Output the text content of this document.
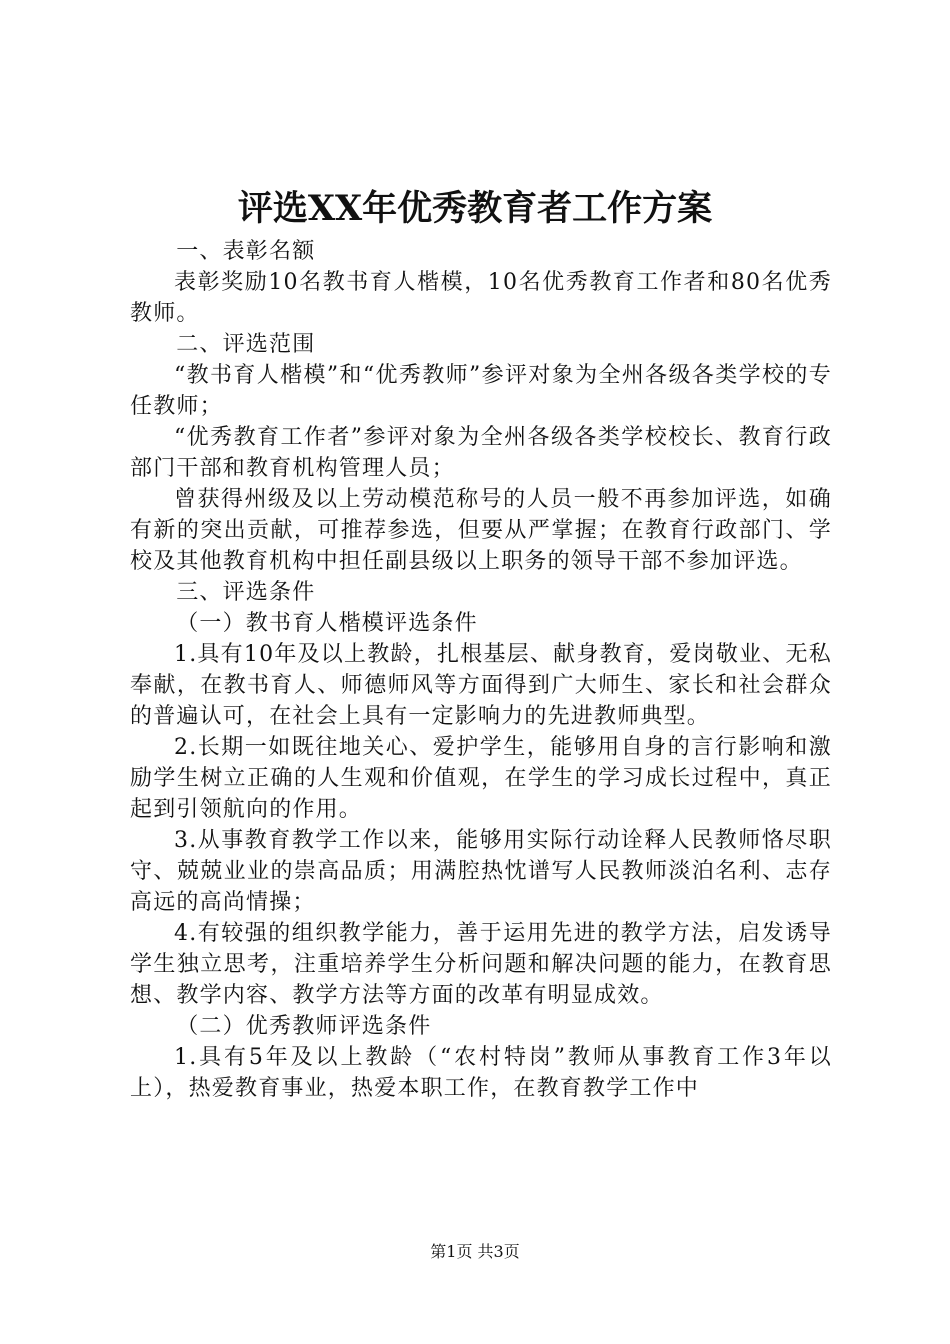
评选XX年优秀教育者工作方案

一、表彰名额

表彰奖励10名教书育人楷模，10名优秀教育工作者和80名优秀教师。

二、评选范围

“教书育人楷模”和“优秀教师”参评对象为全州各级各类学校的专任教师；

“优秀教育工作者”参评对象为全州各级各类学校校长、教育行政部门干部和教育机构管理人员；

曾获得州级及以上劳动模范称号的人员一般不再参加评选，如确有新的突出贡献，可推荐参选，但要从严掌握；在教育行政部门、学校及其他教育机构中担任副县级以上职务的领导干部不参加评选。

三、评选条件

（一）教书育人楷模评选条件

1.具有10年及以上教龄，扎根基层、献身教育，爱岗敬业、无私奉献，在教书育人、师德师风等方面得到广大师生、家长和社会群众的普遍认可，在社会上具有一定影响力的先进教师典型。

2.长期一如既往地关心、爱护学生，能够用自身的言行影响和激励学生树立正确的人生观和价值观，在学生的学习成长过程中，真正起到引领航向的作用。

3.从事教育教学工作以来，能够用实际行动诠释人民教师恪尽职守、兢兢业业的崇高品质；用满腔热忱谱写人民教师淡泊名利、志存高远的高尚情操；

4.有较强的组织教学能力，善于运用先进的教学方法，启发诱导学生独立思考，注重培养学生分析问题和解决问题的能力，在教育思想、教学内容、教学方法等方面的改革有明显成效。

（二）优秀教师评选条件

1.具有5年及以上教龄（“农村特岗”教师从事教育工作3年以上），热爱教育事业，热爱本职工作，在教育教学工作中

第1页 共3页
